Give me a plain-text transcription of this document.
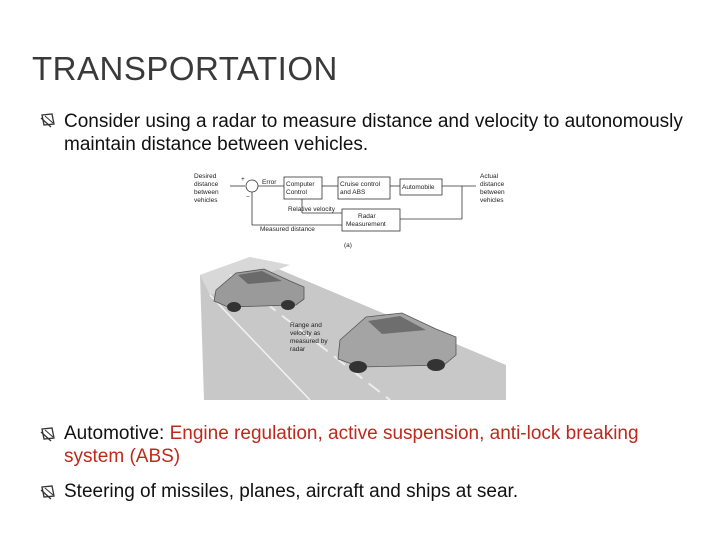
TRANSPORTATION
Consider using a radar to measure distance and velocity to autonomously maintain distance between vehicles.
Desired
distance
between
vehicles
+
−
Error Computer
Control
Cruise control
and ABS
Automobile
Actual
distance
between
vehicles
Radar
Measurement
Relative velocity
Measured distance
(a)
Range and
velocity as
measured by
radar
Automotive: Engine regulation, active suspension, anti-lock breaking system (ABS)
Steering of missiles, planes, aircraft and ships at sear.
